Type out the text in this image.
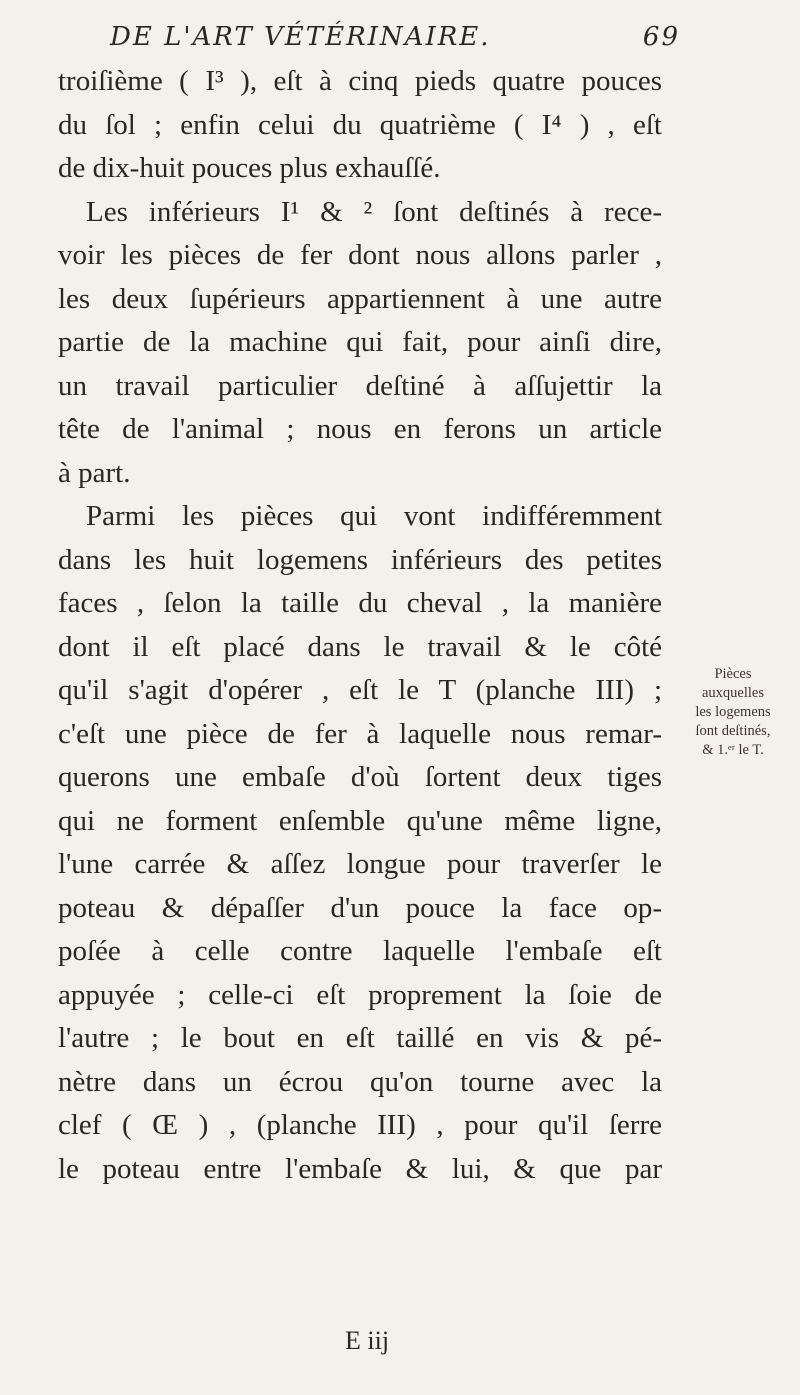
DE L'ART VÉTÉRINAIRE.	69
troiſième ( I³ ), eſt à cinq pieds quatre pouces
du ſol ; enfin celui du quatrième ( I⁴ ) , eſt
de dix-huit pouces plus exhauſſé.
Les inférieurs I¹ & ² ſont deſtinés à rece-
voir les pièces de fer dont nous allons parler ,
les deux ſupérieurs appartiennent à une autre
partie de la machine qui fait, pour ainſi dire,
un travail particulier deſtiné à aſſujettir la
tête de l'animal ; nous en ferons un article
à part.
Parmi les pièces qui vont indifféremment
dans les huit logemens inférieurs des petites
faces , ſelon la taille du cheval , la manière
dont il eſt placé dans le travail & le côté
qu'il s'agit d'opérer , eſt le T (planche III) ;
c'eſt une pièce de fer à laquelle nous remar-
querons une embaſe d'où ſortent deux tiges
qui ne forment enſemble qu'une même ligne,
l'une carrée & aſſez longue pour traverſer le
poteau & dépaſſer d'un pouce la face op-
poſée à celle contre laquelle l'embaſe eſt
appuyée ; celle-ci eſt proprement la ſoie de
l'autre ; le bout en eſt taillé en vis & pé-
nètre dans un écrou qu'on tourne avec la
clef ( Œ ) , (planche III) , pour qu'il ſerre
le poteau entre l'embaſe & lui, & que par
Pièces
auxquelles
les logemens
ſont deſtinés,
& 1.ᵉʳ le T.
E iij
